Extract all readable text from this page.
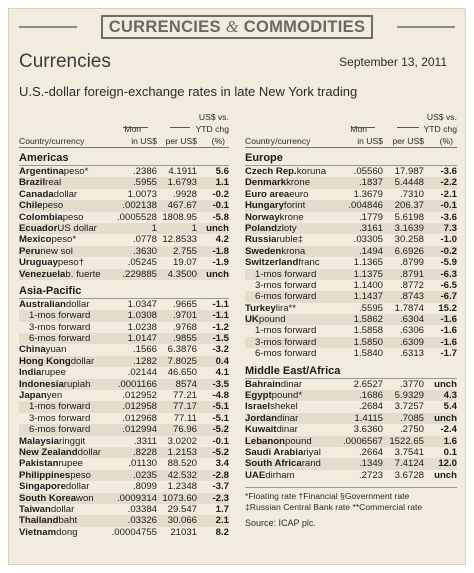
CURRENCIES & COMMODITIES
Currencies	September 13, 2011
U.S.-dollar foreign-exchange rates in late New York trading
Country/currency
Mon
in US$ per US$
US$ vs.
YTD chg
(%)
Americas
Argentina peso*	.2386 4.1911 5.6
Brazil real	.5955 1.6793 1.1
Canada dollar	1.0073 .9928 -0.2
Chile peso	.002138 467.67 -0.1
Colombia peso	.0005528 1808.95 -5.8
Ecuador US dollar	1	1 unch
Mexico peso*	.0778 12.8533 4.2
Peru new sol	.3630 2.755 -1.8
Uruguay peso†	.05245 19.07 -1.9
Venezuela b. fuerte .229885 4.3500 unch
Asia-Pacific
Australian dollar	1.0347 .9665 -1.1
1-mos forward	1.0308 .9701 -1.1
3-mos forward	1.0238 .9768 -1.2
6-mos forward	1.0147 .9855 -1.5
China yuan	.1566 6.3876 -3.2
Hong Kong dollar	.1282 7.8025 0.4
India rupee	.02144 46.650 4.1
Indonesia rupiah	.0001166 8574 -3.5
Japan yen	.012952 77.21 -4.8
1-mos forward	.012958 77.17 -5.1
3-mos forward	.012968 77.11 -5.1
6-mos forward	.012994 76.96 -5.2
Malaysia ringgit	.3311 3.0202 -0.1
New Zealand dollar	.8228 1.2153 -5.2
Pakistan rupee	.01130 88.520 3.4
Philippines peso	.0235 42.532 -2.8
Singapore dollar	.8099 1.2348 -3.7
South Korea won .0009314 1073.60 -2.3
Taiwan dollar	.03384 29.547 1.7
Thailand baht	.03326 30.066 2.1
Vietnam dong	.00004755 21031 8.2
Country/currency
Mon
in US$ per US$
US$ vs.
YTD chg
(%)
Europe
Czech Rep. koruna	.05560 17.987 -3.6
Denmark krone	.1837 5.4448 -2.2
Euro area euro	1.3679 .7310 -2.1
Hungary forint	.004846 206.37 -0.1
Norway krone	.1779 5.6198 -3.6
Poland zloty	.3161 3.1639 7.3
Russia ruble‡	.03305 30.258 -1.0
Sweden krona	.1494 6.6926 -0.2
Switzerland franc	1.1365 .8799 -5.9
1-mos forward	1.1375 .8791 -6.3
3-mos forward	1.1400 .8772 -6.5
6-mos forward	1.1437 .8743 -6.7
Turkey lira**	.5595 1.7874 15.2
UK pound	1.5862 .6304 -1.6
1-mos forward	1.5858 .6306 -1.6
3-mos forward	1.5850 .6309 -1.6
6-mos forward	1.5840 .6313 -1.7
Middle East/Africa
Bahrain dinar	2.6527 .3770 unch
Egypt pound*	.1686 5.9329 4.3
Israel shekel	.2684 3.7257 5.4
Jordan dinar	1.4115 .7085 unch
Kuwait dinar	3.6360 .2750 -2.4
Lebanon pound	.0006567 1522.65 1.6
Saudi Arabia riyal	.2664 3.7541 0.1
South Africa rand	.1349 7.4124 12.0
UAE dirham	.2723 3.6728 unch
*Floating rate †Financial §Government rate
‡Russian Central Bank rate **Commercial rate
Source: ICAP plc.
